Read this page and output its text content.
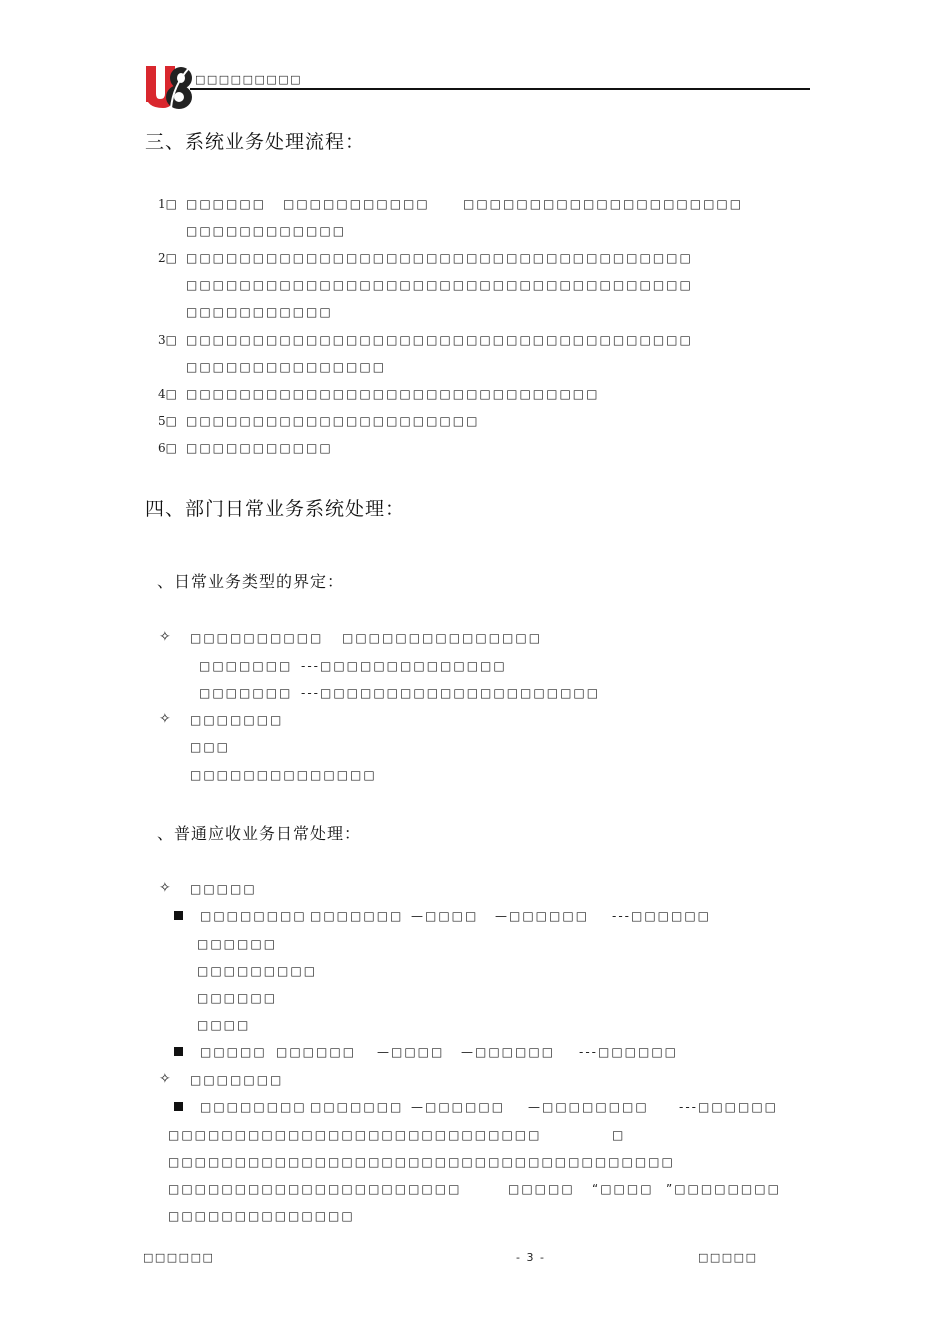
□□□□□□□□□
三、系统业务处理流程：
1□ □□□□□□ □□□□□□□□□□□	□□□□□□□□□□□□□□□□□□□□□
□□□□□□□□□□□□
2□ □□□□□□□□□□□□□□□□□□□□□□□□□□□□□□□□□□□□□□
□□□□□□□□□□□□□□□□□□□□□□□□□□□□□□□□□□□□□□
□□□□□□□□□□□
3□ □□□□□□□□□□□□□□□□□□□□□□□□□□□□□□□□□□□□□□
□□□□□□□□□□□□□□□
4□ □□□□□□□□□□□□□□□□□□□□□□□□□□□□□□□
5□ □□□□□□□□□□□□□□□□□□□□□□
6□ □□□□□□□□□□□
四、部门日常业务系统处理：
、日常业务类型的界定：
✧ □□□□□□□□□□ □□□□□□□□□□□□□□□
□□□□□□□ ---□□□□□□□□□□□□□□
□□□□□□□ ---□□□□□□□□□□□□□□□□□□□□□
✧ □□□□□□□
□□□
□□□□□□□□□□□□□□
、普通应收业务日常处理：
✧ □□□□□
□□□□□□□□ □□□□□□□ —□□□□ —□□□□□□ ---□□□□□□
□□□□□□
□□□□□□□□□
□□□□□□
□□□□
□□□□□ □□□□□□ —□□□□ —□□□□□□ ---□□□□□□
✧ □□□□□□□
□□□□□□□□ □□□□□□□ —□□□□□□ —□□□□□□□□	---□□□□□□
□□□□□□□□□□□□□□□□□□□□□□□□□□□□	□
□□□□□□□□□□□□□□□□□□□□□□□□□□□□□□□□□□□□□□
□□□□□□□□□□□□□□□□□□□□□□	□□□□□ “□□□□ ”□□□□□□□□
□□□□□□□□□□□□□□
□□□□□□	- 3 -	□□□□□
